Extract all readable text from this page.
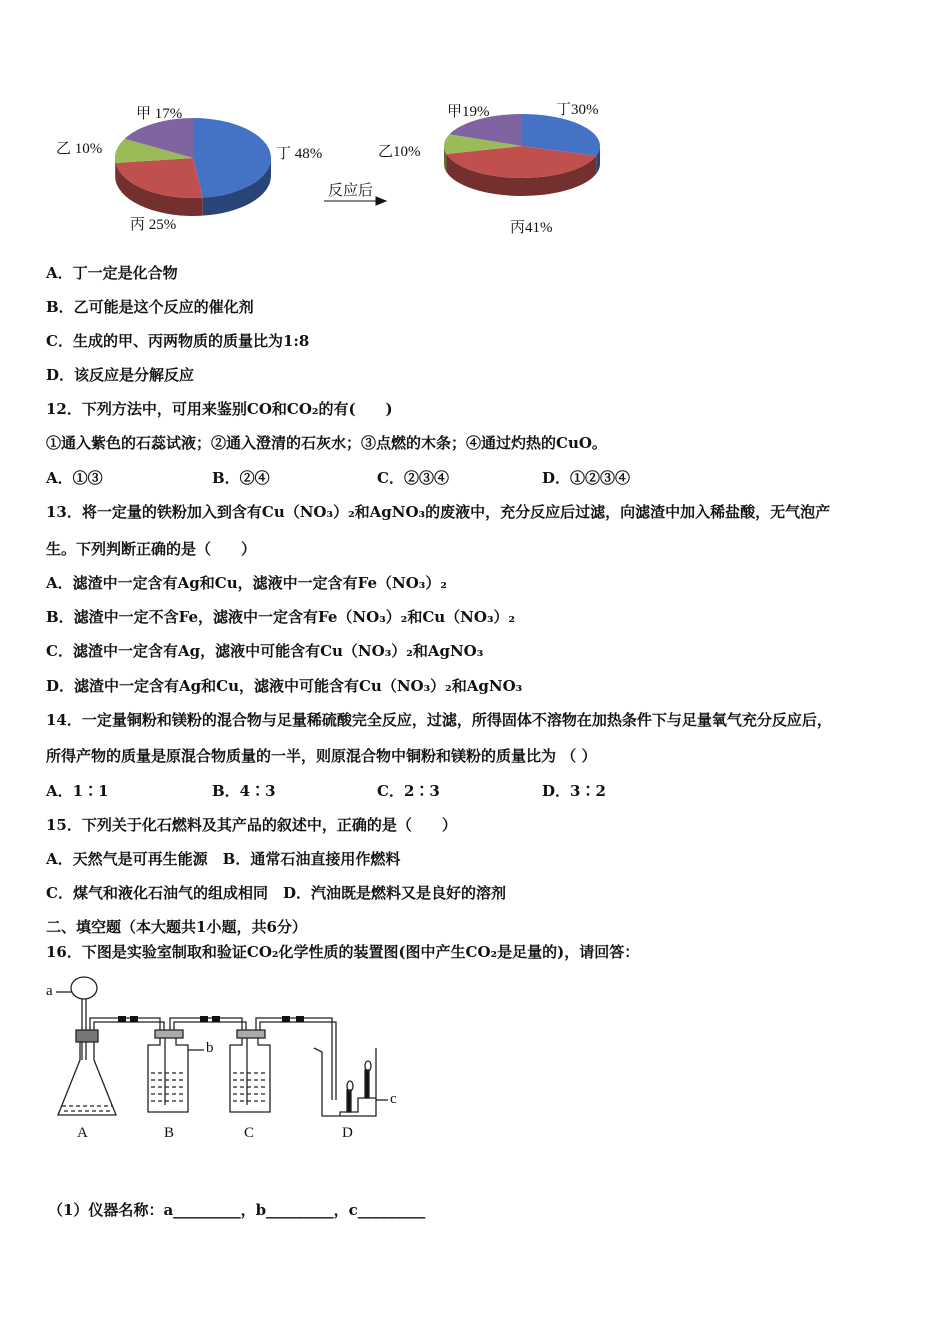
甲 17%
乙 10%	丁 48%
丙 25%
甲19%
乙10%
丁30%
丙41%
反应后
A．丁一定是化合物
B．乙可能是这个反应的催化剂
C．生成的甲、丙两物质的质量比为1:8
D．该反应是分解反应
12．下列方法中，可用来鉴别CO和CO₂的有(　　)
①通入紫色的石蕊试液；②通入澄清的石灰水；③点燃的木条；④通过灼热的CuO。
A．①③	B．②④	C．②③④	D．①②③④
13．将一定量的铁粉加入到含有Cu（NO₃）₂和AgNO₃的废液中，充分反应后过滤，向滤渣中加入稀盐酸，无气泡产
生。下列判断正确的是（　　）
A．滤渣中一定含有Ag和Cu，滤液中一定含有Fe（NO₃）₂
B．滤渣中一定不含Fe，滤液中一定含有Fe（NO₃）₂和Cu（NO₃）₂
C．滤渣中一定含有Ag，滤液中可能含有Cu（NO₃）₂和AgNO₃
D．滤渣中一定含有Ag和Cu，滤液中可能含有Cu（NO₃）₂和AgNO₃
14．一定量铜粉和镁粉的混合物与足量稀硫酸完全反应，过滤，所得固体不溶物在加热条件下与足量氧气充分反应后，
所得产物的质量是原混合物质量的一半，则原混合物中铜粉和镁粉的质量比为 （ ）
A．1∶1	B．4∶3	C．2∶3	D．3∶2
15．下列关于化石燃料及其产品的叙述中，正确的是（　　）
A．天然气是可再生能源　B．通常石油直接用作燃料
C．煤气和液化石油气的组成相同　D．汽油既是燃料又是良好的溶剂
二、填空题（本大题共1小题，共6分）
16．下图是实验室制取和验证CO₂化学性质的装置图(图中产生CO₂是足量的)，请回答：
a
b
c
A	B	C	D
（1）仪器名称：a_________，b_________，c_________
